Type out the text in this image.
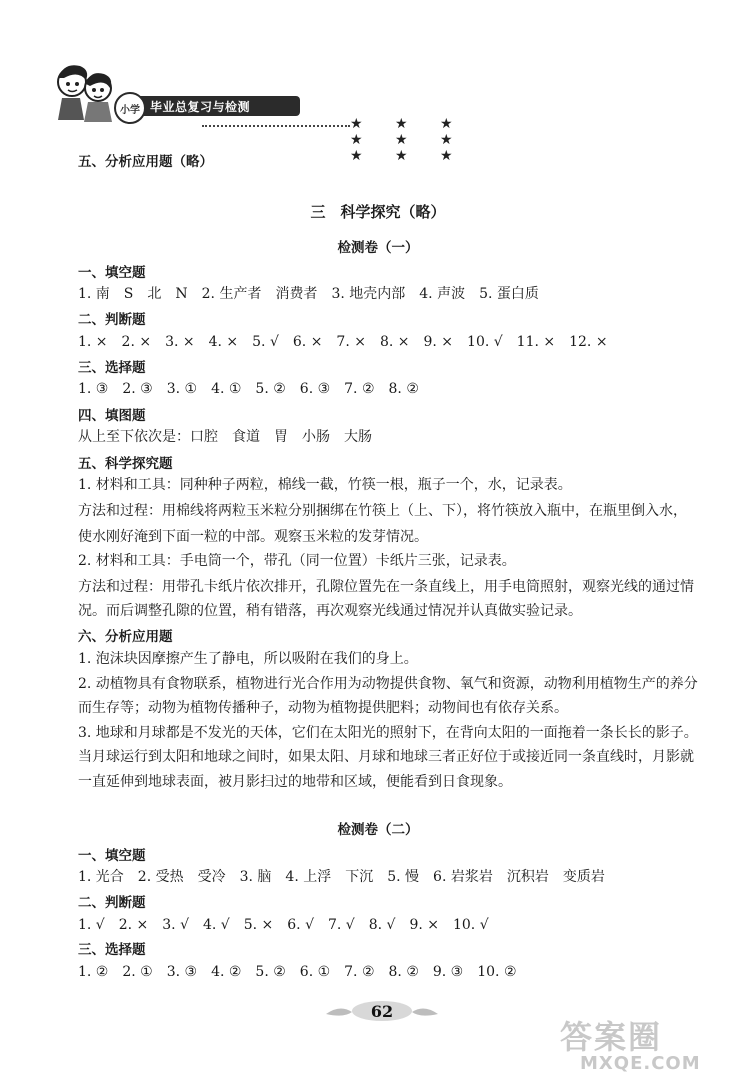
毕业总复习与检测
小学
★ ★ ★ ★ ★ ★ ★ ★ ★
五、分析应用题（略）
三　科学探究（略）
检测卷（一）
一、填空题
1. 南　S　北　N　2. 生产者　消费者　3. 地壳内部　4. 声波　5. 蛋白质
二、判断题
1. ×　2. ×　3. ×　4. ×　5. √　6. ×　7. ×　8. ×　9. ×　10. √　11. ×　12. ×
三、选择题
1. ③　2. ③　3. ①　4. ①　5. ②　6. ③　7. ②　8. ②
四、填图题
从上至下依次是：口腔　食道　胃　小肠　大肠
五、科学探究题
1. 材料和工具：同种种子两粒，棉线一截，竹筷一根，瓶子一个，水，记录表。
方法和过程：用棉线将两粒玉米粒分别捆绑在竹筷上（上、下），将竹筷放入瓶中，在瓶里倒入水，
使水刚好淹到下面一粒的中部。观察玉米粒的发芽情况。
2. 材料和工具：手电筒一个，带孔（同一位置）卡纸片三张，记录表。
方法和过程：用带孔卡纸片依次排开，孔隙位置先在一条直线上，用手电筒照射，观察光线的通过情
况。而后调整孔隙的位置，稍有错落，再次观察光线通过情况并认真做实验记录。
六、分析应用题
1. 泡沫块因摩擦产生了静电，所以吸附在我们的身上。
2. 动植物具有食物联系，植物进行光合作用为动物提供食物、氧气和资源，动物利用植物生产的养分
而生存等；动物为植物传播种子，动物为植物提供肥料；动物间也有依存关系。
3. 地球和月球都是不发光的天体，它们在太阳光的照射下，在背向太阳的一面拖着一条长长的影子。
当月球运行到太阳和地球之间时，如果太阳、月球和地球三者正好位于或接近同一条直线时，月影就
一直延伸到地球表面，被月影扫过的地带和区域，便能看到日食现象。
检测卷（二）
一、填空题
1. 光合　2. 受热　受冷　3. 脑　4. 上浮　下沉　5. 慢　6. 岩浆岩　沉积岩　变质岩
二、判断题
1. √　2. ×　3. √　4. √　5. ×　6. √　7. √　8. √　9. ×　10. √
三、选择题
1. ②　2. ①　3. ③　4. ②　5. ②　6. ①　7. ②　8. ②　9. ③　10. ②
62
答案圈
MXQE.COM
